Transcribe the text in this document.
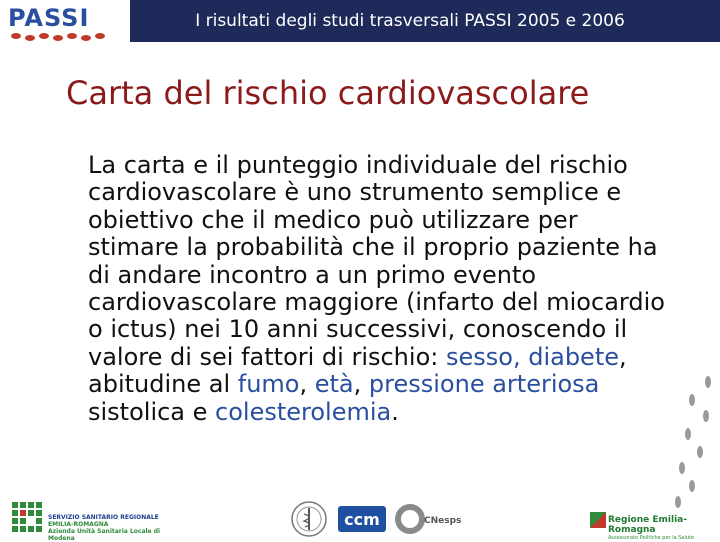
PASSI	I risultati degli studi trasversali PASSI 2005 e 2006
Carta del rischio cardiovascolare
La carta e il punteggio individuale del rischio cardiovascolare è uno strumento semplice e obiettivo che il medico può utilizzare per stimare la probabilità che il proprio paziente ha di andare incontro a un primo evento cardiovascolare maggiore (infarto del miocardio o ictus) nei 10 anni successivi, conoscendo il valore di sei fattori di rischio: sesso, diabete, abitudine al fumo, età, pressione arteriosa sistolica e colesterolemia.
ccm	CNesps
SERVIZIO SANITARIO REGIONALE
EMILIA-ROMAGNA
Azienda Unità Sanitaria Locale di Modena
Regione Emilia-Romagna
Assessorato Politiche per la Salute
